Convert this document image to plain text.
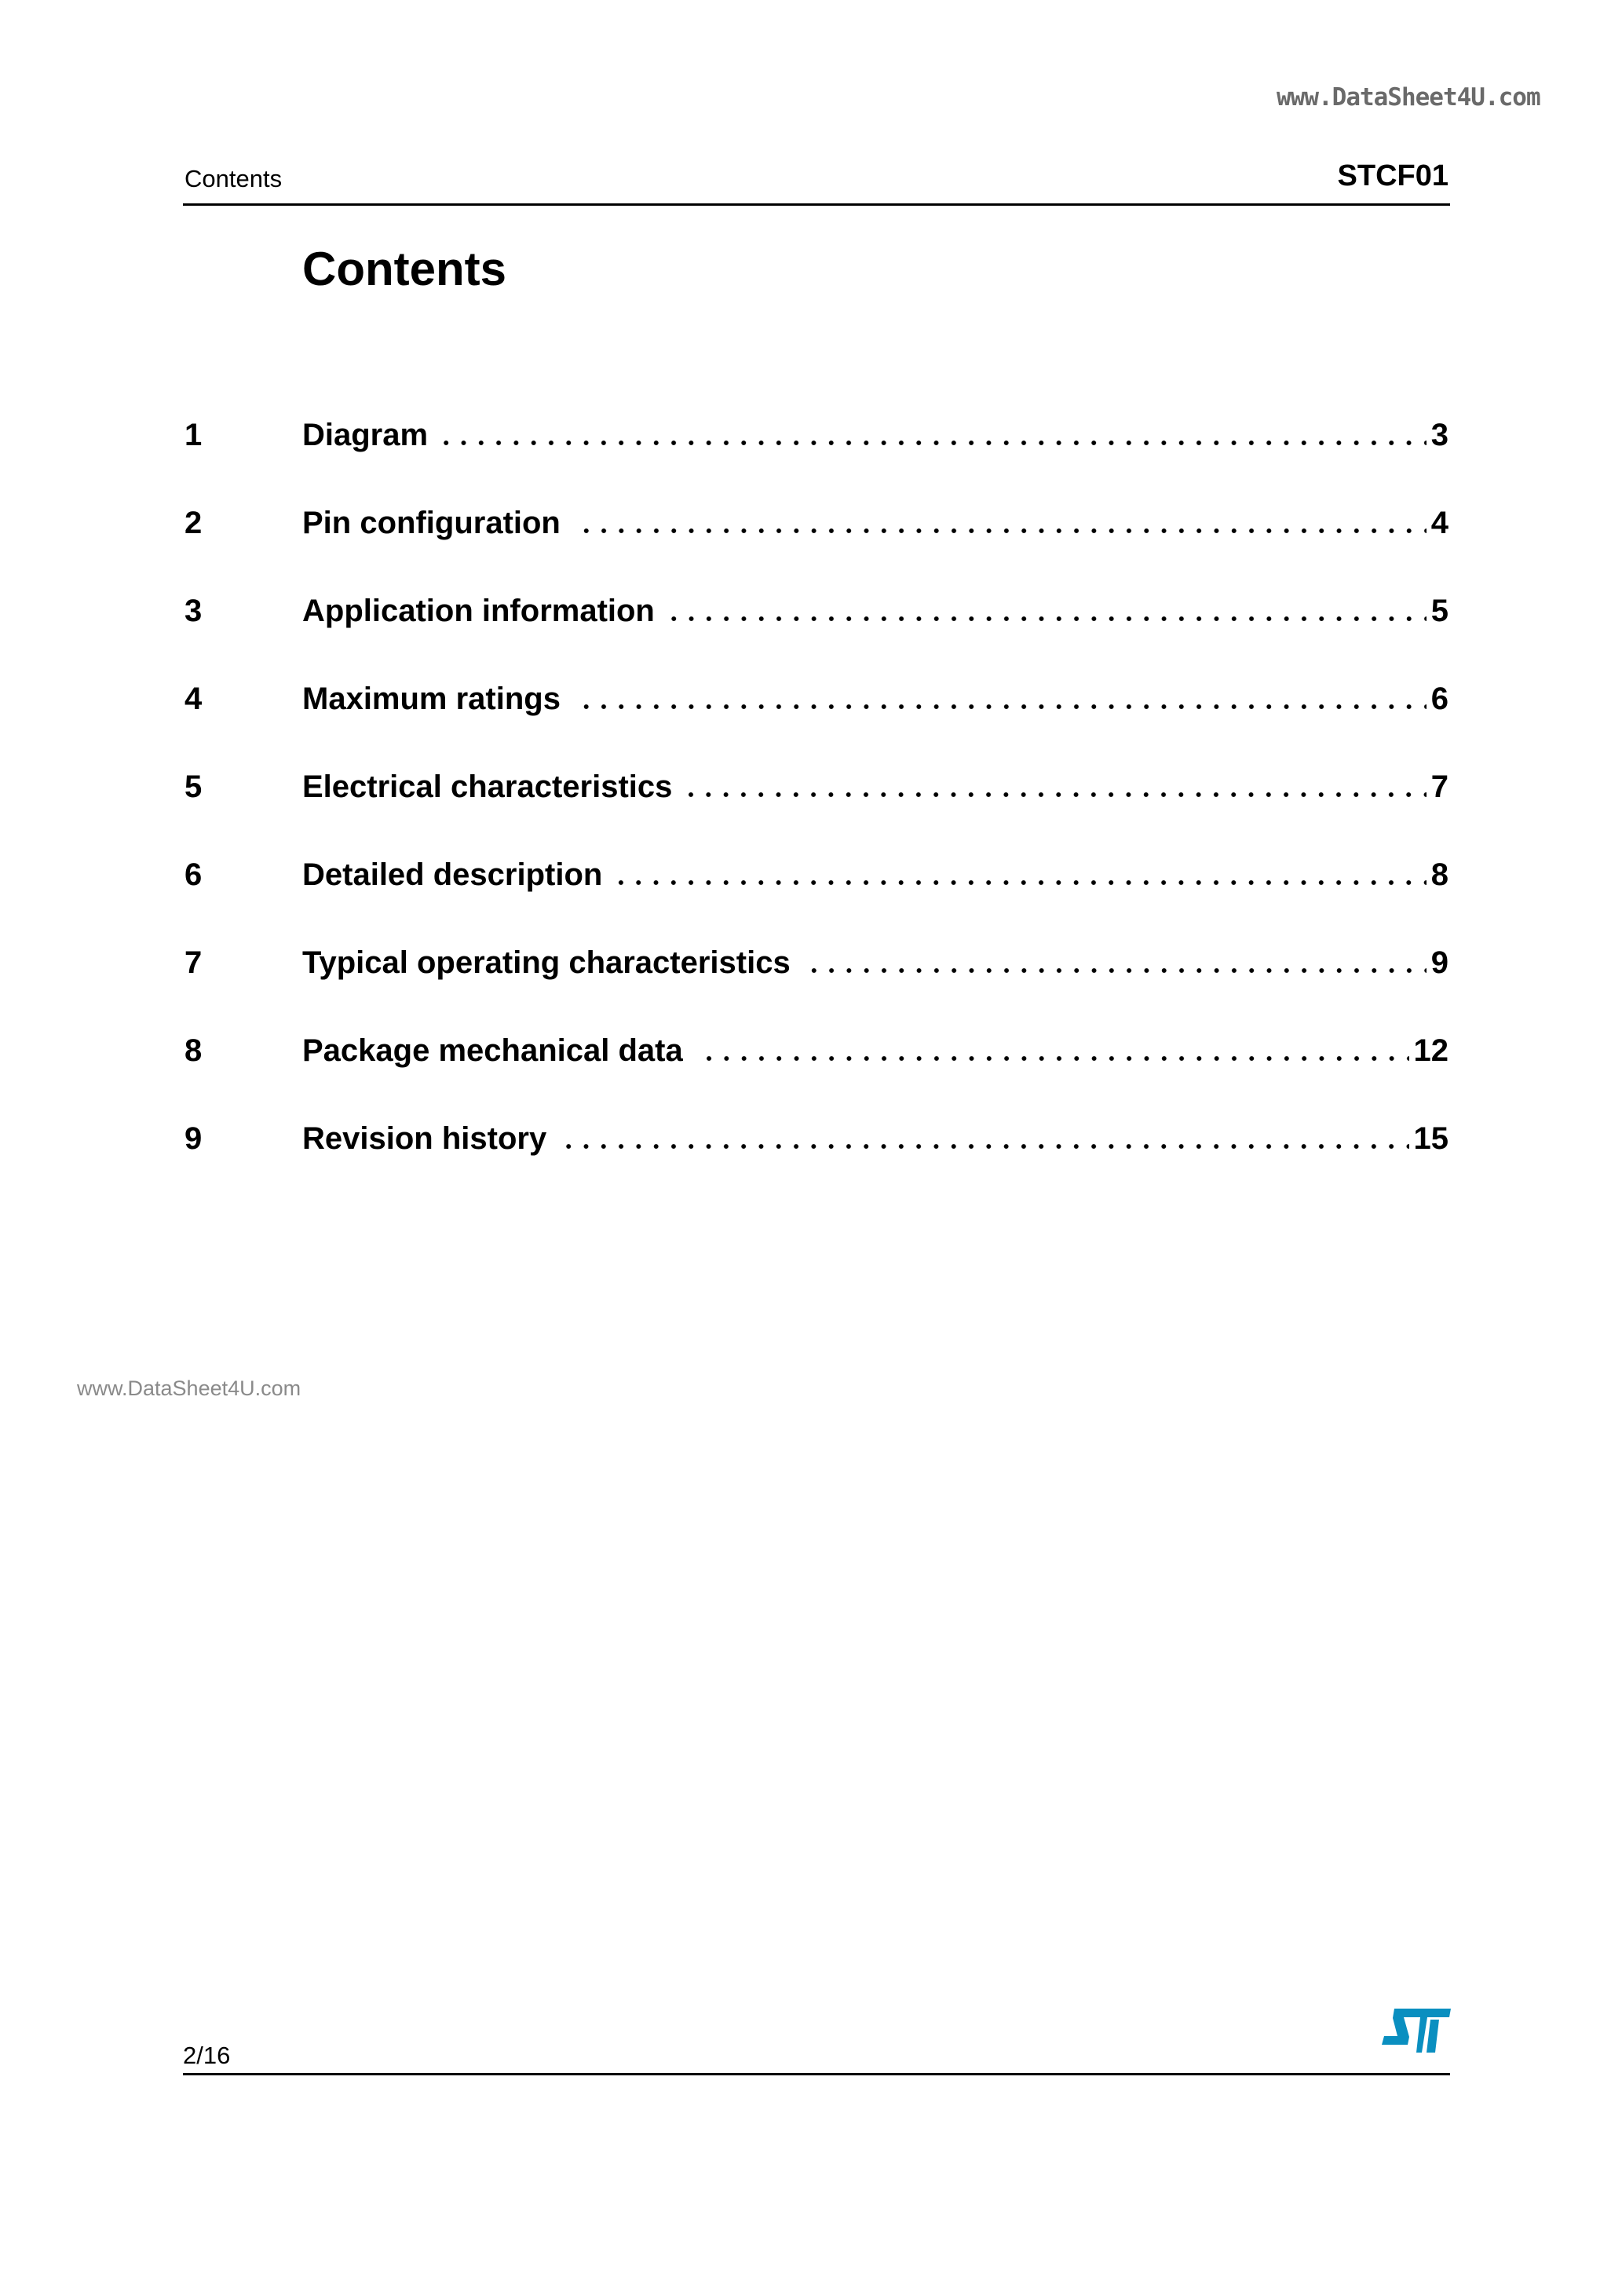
www.DataSheet4U.com
Contents	STCF01
Contents
1	Diagram	3
2	Pin configuration	4
3	Application information	5
4	Maximum ratings	6
5	Electrical characteristics	7
6	Detailed description	8
7	Typical operating characteristics	9
8	Package mechanical data	12
9	Revision history	15
www.DataSheet4U.com
2/16
